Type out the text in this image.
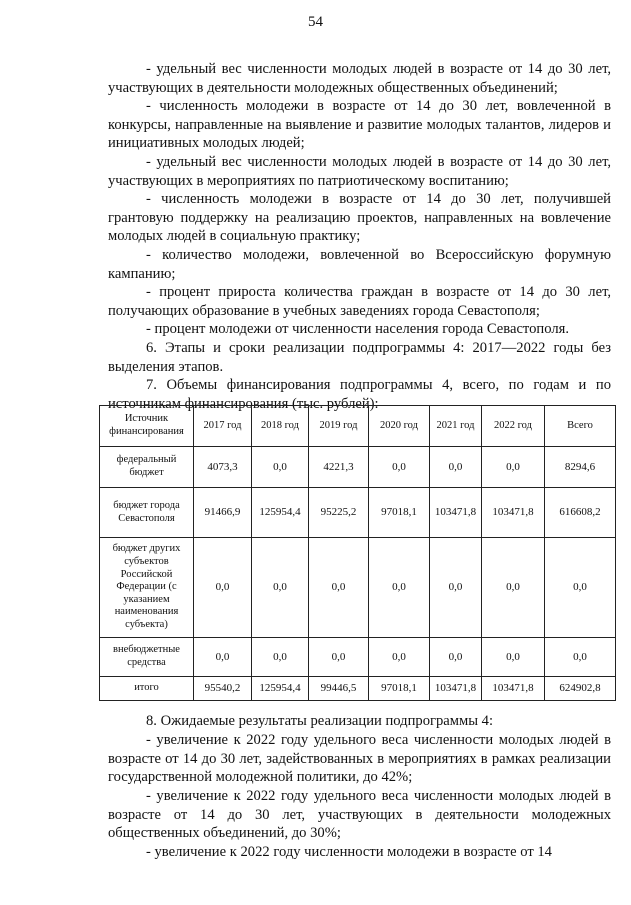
54

- удельный вес численности молодых людей в возрасте от 14 до 30 лет, участвующих в деятельности молодежных общественных объединений;

- численность молодежи в возрасте от 14 до 30 лет, вовлеченной в конкурсы, направленные на выявление и развитие молодых талантов, лидеров и инициативных молодых людей;

- удельный вес численности молодых людей в возрасте от 14 до 30 лет, участвующих в мероприятиях по патриотическому воспитанию;

- численность молодежи в возрасте от 14 до 30 лет, получившей грантовую поддержку на реализацию проектов, направленных на вовлечение молодых людей в социальную практику;

- количество молодежи, вовлеченной во Всероссийскую форумную кампанию;

- процент прироста количества граждан в возрасте от 14 до 30 лет, получающих образование в учебных заведениях города Севастополя;

- процент молодежи от численности населения города Севастополя.

6. Этапы и сроки реализации подпрограммы 4: 2017—2022 годы без выделения этапов.

7. Объемы финансирования подпрограммы 4, всего, по годам и по источникам финансирования (тыс. рублей):

Источник финансирования	2017 год	2018 год	2019 год	2020 год	2021 год	2022 год	Всего
федеральный бюджет	4073,3	0,0	4221,3	0,0	0,0	0,0	8294,6
бюджет города Севастополя	91466,9	125954,4	95225,2	97018,1	103471,8	103471,8	616608,2
бюджет других субъектов Российской Федерации (с указанием наименования субъекта)	0,0	0,0	0,0	0,0	0,0	0,0	0,0
внебюджетные средства	0,0	0,0	0,0	0,0	0,0	0,0	0,0
итого	95540,2	125954,4	99446,5	97018,1	103471,8	103471,8	624902,8

8. Ожидаемые результаты реализации подпрограммы 4:

- увеличение к 2022 году удельного веса численности молодых людей в возрасте от 14 до 30 лет, задействованных в мероприятиях в рамках реализации государственной молодежной политики, до 42%;

- увеличение к 2022 году удельного веса численности молодых людей в возрасте от 14 до 30 лет, участвующих в деятельности молодежных общественных объединений, до 30%;

- увеличение к 2022 году численности молодежи в возрасте от 14
